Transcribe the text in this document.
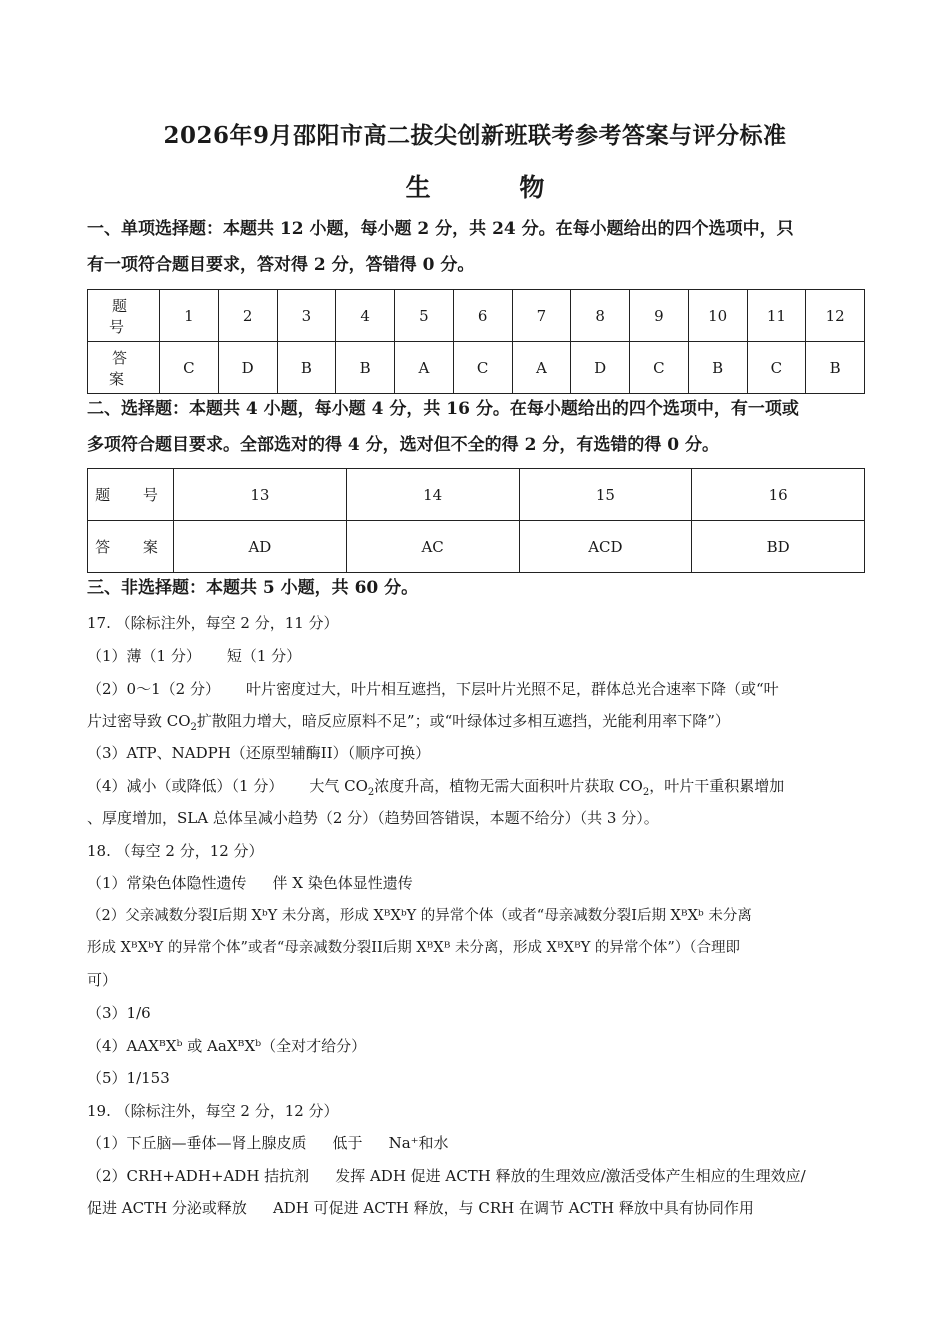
2026年9月邵阳市高二拔尖创新班联考参考答案与评分标准
生 物
一、单项选择题：本题共 12 小题，每小题 2 分，共 24 分。在每小题给出的四个选项中，只
有一项符合题目要求，答对得 2 分，答错得 0 分。
题 号	1	2	3	4	5	6	7	8	9	10	11	12
答 案	C	D	B	B	A	C	A	D	C	B	C	B
二、选择题：本题共 4 小题，每小题 4 分，共 16 分。在每小题给出的四个选项中，有一项或
多项符合题目要求。全部选对的得 4 分，选对但不全的得 2 分，有选错的得 0 分。
题 号	13	14	15	16
答 案	AD	AC	ACD	BD
三、非选择题：本题共 5 小题，共 60 分。
17. （除标注外，每空 2 分，11 分）
（1）薄（1 分） 短（1 分）
（2）0～1（2 分） 叶片密度过大，叶片相互遮挡，下层叶片光照不足，群体总光合速率下降（或“叶
片过密导致 $CO_2$扩散阻力增大，暗反应原料不足”；或“叶绿体过多相互遮挡，光能利用率下降”）
（3）ATP、NADPH（还原型辅酶II）（顺序可换）
（4）减小（或降低）（1 分） 大气 $CO_2$浓度升高，植物无需大面积叶片获取 $CO_2$，叶片干重积累增加
、厚度增加，SLA 总体呈减小趋势（2 分）（趋势回答错误，本题不给分）（共 3 分）。
18. （每空 2 分，12 分）
（1）常染色体隐性遗传 伴 X 染色体显性遗传
（2）父亲减数分裂I后期 XᵇY 未分离，形成 XᴮXᵇY 的异常个体（或者“母亲减数分裂I后期 XᴮXᵇ 未分离
形成 XᴮXᵇY 的异常个体”或者“母亲减数分裂II后期 XᴮXᴮ 未分离，形成 XᴮXᴮY 的异常个体”）（合理即
可）
（3）1/6
（4）AAXᴮXᵇ 或 AaXᴮXᵇ（全对才给分）
（5）1/153
19. （除标注外，每空 2 分，12 分）
（1）下丘脑—垂体—肾上腺皮质 低于 Na⁺和水
（2）CRH+ADH+ADH 拮抗剂 发挥 ADH 促进 ACTH 释放的生理效应/激活受体产生相应的生理效应/
促进 ACTH 分泌或释放 ADH 可促进 ACTH 释放，与 CRH 在调节 ACTH 释放中具有协同作用
